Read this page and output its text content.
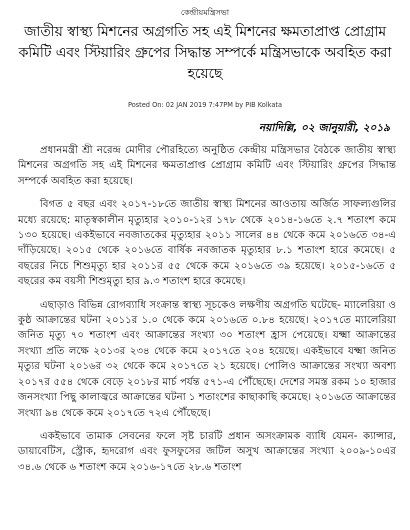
কেন্দ্রীয়মন্ত্রিসভা
জাতীয় স্বাস্থ্য মিশনের অগ্রগতি সহ এই মিশনের ক্ষমতাপ্রাপ্ত প্রোগ্রাম কমিটি এবং স্টিয়ারিং গ্রুপের সিদ্ধান্ত সম্পর্কে মন্ত্রিসভাকে অবহিত করা হয়েছে
Posted On: 02 JAN 2019 7:47PM by PIB Kolkata
নয়াদিল্লি, ০২ জানুয়ারী, ২০১৯

প্রধানমন্ত্রী শ্রী নরেন্দ্র মোদীর পৌরহিত্যে অনুষ্ঠিত কেন্দ্রীয় মন্ত্রিসভার বৈঠকে জাতীয় স্বাস্থ্য মিশনের অগ্রগতি সহ এই মিশনের ক্ষমতাপ্রাপ্ত প্রোগ্রাম কমিটি এবং স্টিয়ারিং গ্রুপের সিদ্ধান্ত সম্পর্কে অবহিত করা হয়েছে।

বিগত ৫ বছর এবং ২০১৭-১৮তে জাতীয় স্বাস্থ্য মিশনের আওতায় অর্জিত সাফল্যগুলির মধ্যে রয়েছে: মাতৃস্বকালীন মৃত্যুহার ২০১০-১২র ১৭৮ থেকে ২০১৪-১৬তে ২.৭ শতাংশ কমে ১৩০ হয়েছে। একইভাবে নবজাতকের মৃত্যুহার ২০১১ সালের ৪৪ থেকে কমে ২০১৬তে ৩৪-এ দাঁড়িয়েছে। ২০১৫ থেকে ২০১৬তে বার্ষিক নবজাতক মৃত্যুহার ৮.১ শতাংশ হারে কমেছে। ৫ বছরের নিচে শিশুমৃত্যু হার ২০১১র ৫৫ থেকে কমে ২০১৬তে ৩৯ হয়েছে। ২০১৫-১৬তে ৫ বছরের কম বয়সী শিশুমৃত্যু হার ৯.৩ শতাংশ হারে কমেছে।

এছাড়াও বিভিন্ন রোগব্যাধি সংক্রান্ত স্বাস্থ্য সূচকেও লক্ষণীয় অগ্রগতি ঘটেছে- ম্যালেরিয়া ও কুষ্ঠ আক্রান্তের ঘটনা ২০১১র ১.০ থেকে কমে ২০১৬তে ০.৮৪ হয়েছে। ২০১৭তে ম্যালেরিয়া জনিত মৃত্যু ৭০ শতাংশ এবং আক্রান্তের সংখ্যা ৩০ শতাংশ হ্রাস পেয়েছে। যক্ষ্মা আক্রান্তের সংখ্যা প্রতি লক্ষে ২০১৩র ২৩৪ থেকে কমে ২০১৭তে ২০৪ হয়েছে। একইভাবে যক্ষ্মা জনিত মৃত্যুর ঘটনা ২০১৬র ৩২ থেকে কমে ২০১৭তে ২১ হয়েছে। পোলিও আক্রান্তের সংখ্যা অবশ্য ২০১৭র ৫৫৪ থেকে বেড়ে ২০১৮র মার্চ পর্যন্ত ৫৭১-এ পৌঁছেছে। দেশের সমস্ত রকম ১০ হাজার জনসংখ্যা পিছু কালাজ্বরে আক্রান্তের ঘটনা ১ শতাংশের কাছাকাছি কমেছে। ২০১৬তে আক্রান্তের সংখ্যা ৯৪ থেকে কমে ২০১৭তে ৭২এ পৌঁছেছে।

একইভাবে তামাক সেবনের ফলে সৃষ্ট চারটি প্রধান অসংক্রামক ব্যাধি যেমন- ক্যান্সার, ডায়াবেটিস, স্ট্রোক, হৃদরোগ এবং ফুসফুসের জটিল অসুখ আক্রান্তের সংখ্যা ২০০৯-১০এর ৩৪.৬ থেকে ৬ শতাংশ কমে ২০১৬-১৭তে ২৮.৬ শতাংশ
